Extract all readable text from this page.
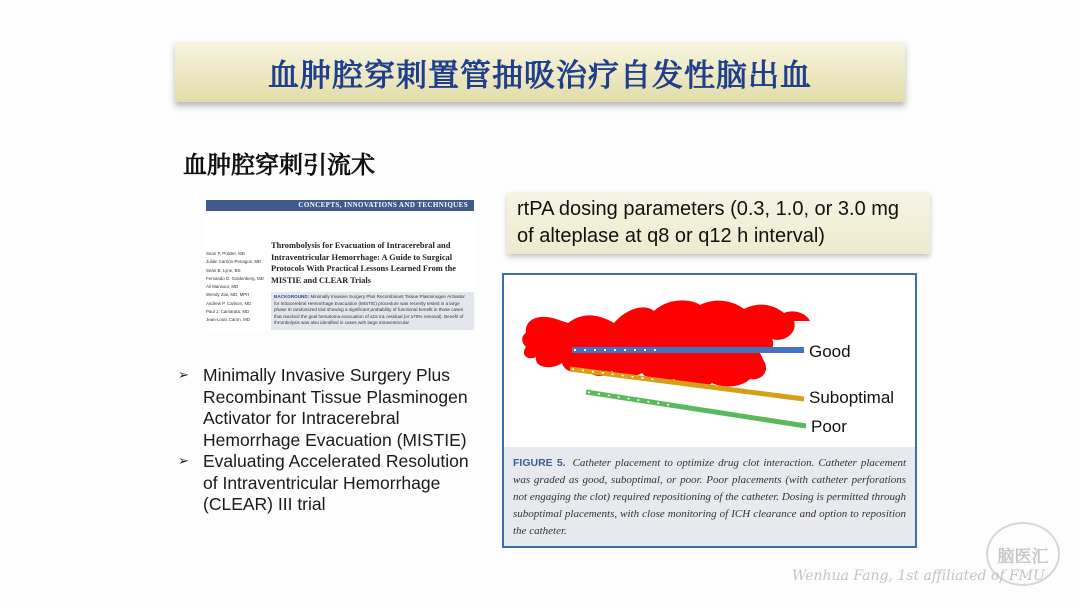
血肿腔穿刺置管抽吸治疗自发性脑出血
血肿腔穿刺引流术
CONCEPTS, INNOVATIONS AND TECHNIQUES
Sean P. Polster, MD
Julián Carrión-Penagos, MD
Seán B. Lyne, BS
Fernando D. Goldenberg, MD
Ali Mansour, MD
Wendy Ziai, MD, MPH
Andrew P. Carlson, MD
Paul J. Camarata, MD
Jean-Louis Caron, MD
Thrombolysis for Evacuation of Intracerebral and Intraventricular Hemorrhage: A Guide to Surgical Protocols With Practical Lessons Learned From the MISTIE and CLEAR Trials
BACKGROUND: Minimally Invasive Surgery Plus Recombinant Tissue Plasminogen Activator for Intracerebral Hemorrhage Evacuation (MISTIE) procedure was recently tested in a large phase III randomized trial showing a significant probability of functional benefit in those cases that reached the goal hematoma evacuation of ≤15 mL residual (or ≥70% removal). Benefit of thrombolysis was also identified in cases with large intraventricular
➢ Minimally Invasive Surgery Plus Recombinant Tissue Plasminogen Activator for Intracerebral Hemorrhage Evacuation (MISTIE)
➢ Evaluating Accelerated Resolution of Intraventricular Hemorrhage (CLEAR) III trial
rtPA dosing parameters (0.3, 1.0, or 3.0 mg of alteplase at q8 or q12 h interval)
Good
Suboptimal
Poor
FIGURE 5. Catheter placement to optimize drug clot interaction. Catheter placement was graded as good, suboptimal, or poor. Poor placements (with catheter perforations not engaging the clot) required repositioning of the catheter. Dosing is permitted through suboptimal placements, with close monitoring of ICH clearance and option to reposition the catheter.
脑医汇
Wenhua Fang, 1st affiliated of FMU
